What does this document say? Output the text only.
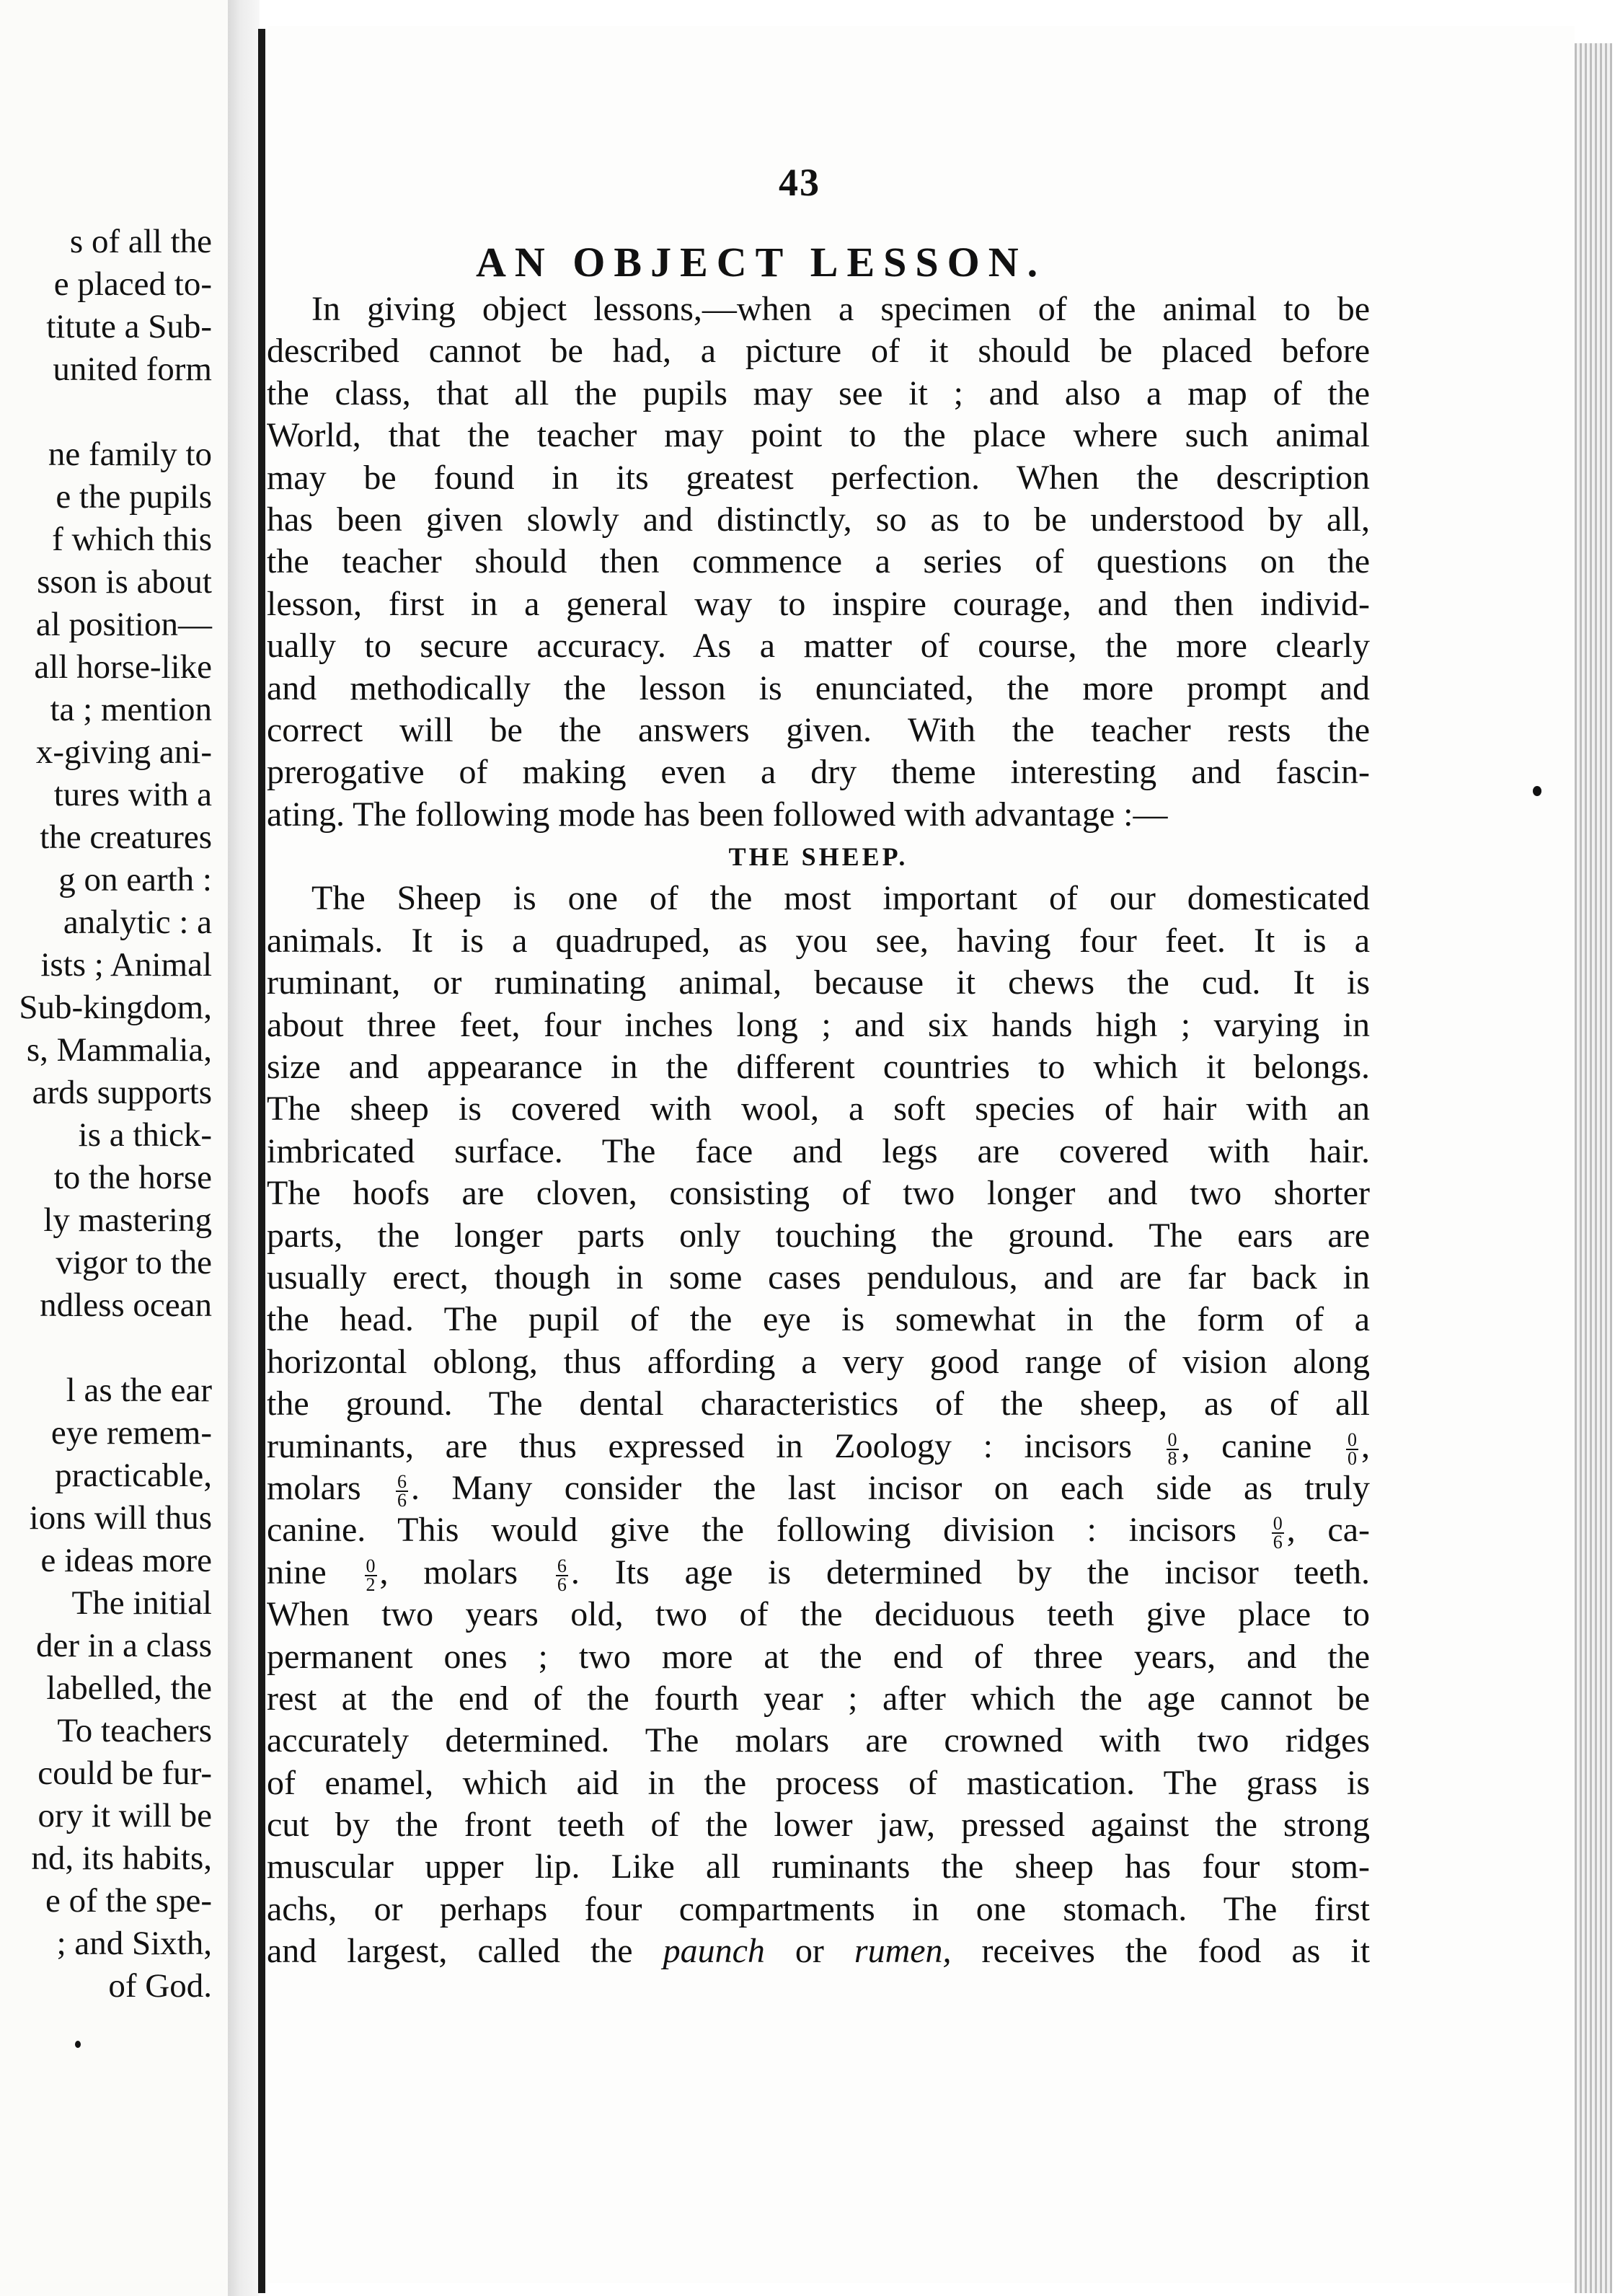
s of all the
e placed to-
titute a Sub-
united form
ne family to
e the pupils
f which this
sson is about
al position—
all horse-like
ta ; mention
x-giving ani-
tures with a
the creatures
g on earth :
analytic : a
ists ; Animal
Sub-kingdom,
s, Mammalia,
ards supports
is a thick-
to the horse
ly mastering
vigor to the
ndless ocean
l as the ear
eye remem-
practicable,
ions will thus
e ideas more
The initial
der in a class
labelled, the
To teachers
could be fur-
ory it will be
nd, its habits,
e of the spe-
; and Sixth,
of God.
43
AN OBJECT LESSON.
In giving object lessons,—when a specimen of the animal to be
described cannot be had, a picture of it should be placed before
the class, that all the pupils may see it ; and also a map of the
World, that the teacher may point to the place where such animal
may be found in its greatest perfection. When the description
has been given slowly and distinctly, so as to be understood by all,
the teacher should then commence a series of questions on the
lesson, first in a general way to inspire courage, and then individ-
ually to secure accuracy. As a matter of course, the more clearly
and methodically the lesson is enunciated, the more prompt and
correct will be the answers given. With the teacher rests the
prerogative of making even a dry theme interesting and fascin-
ating. The following mode has been followed with advantage :—
THE SHEEP.
The Sheep is one of the most important of our domesticated
animals. It is a quadruped, as you see, having four feet. It is a
ruminant, or ruminating animal, because it chews the cud. It is
about three feet, four inches long ; and six hands high ; varying in
size and appearance in the different countries to which it belongs.
The sheep is covered with wool, a soft species of hair with an
imbricated surface. The face and legs are covered with hair.
The hoofs are cloven, consisting of two longer and two shorter
parts, the longer parts only touching the ground. The ears are
usually erect, though in some cases pendulous, and are far back in
the head. The pupil of the eye is somewhat in the form of a
horizontal oblong, thus affording a very good range of vision along
the ground. The dental characteristics of the sheep, as of all
ruminants, are thus expressed in Zoology : incisors $\frac{0}{8}$ , canine $\frac{0}{0}$ ,
molars $\frac{6}{6}$ . Many consider the last incisor on each side as truly
canine. This would give the following division : incisors $\frac{0}{6}$ , ca-
nine $\frac{0}{2}$ , molars $\frac{6}{6}$ . Its age is determined by the incisor teeth.
When two years old, two of the deciduous teeth give place to
permanent ones ; two more at the end of three years, and the
rest at the end of the fourth year ; after which the age cannot be
accurately determined. The molars are crowned with two ridges
of enamel, which aid in the process of mastication. The grass is
cut by the front teeth of the lower jaw, pressed against the strong
muscular upper lip. Like all ruminants the sheep has four stom-
achs, or perhaps four compartments in one stomach. The first
and largest, called the paunch or rumen, receives the food as it
